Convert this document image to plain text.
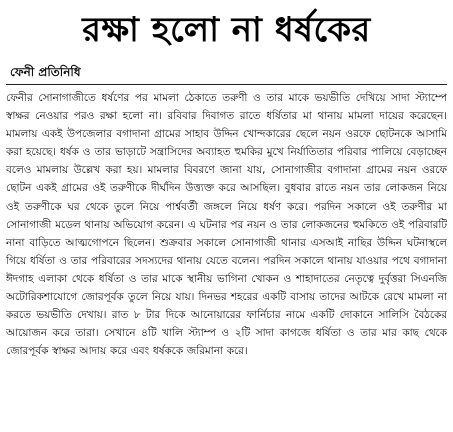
রক্ষা হলো না ধর্ষকের
ফেনী প্রতিনিধি

ফেনীর সোনাগাজীতে ধর্ষণের পর মামলা ঠেকাতে তরুণী ও তার মাকে ভয়ভীতি দেখিয়ে সাদা স্ট্যাম্পে স্বাক্ষর নেওয়ার পরও রক্ষা হলো না। রবিবার দিবাগত রাতে ধর্ষিতার মা থানায় মামলা দায়ের করেছেন। মামলায় একই উপজেলার বগাদানা গ্রামের সাহাব উদ্দিন খোন্দকারের ছেলে নয়ন ওরফে ছোটনকে আসামি করা হয়েছে। ধর্ষক ও তার ভাড়াটে সন্ত্রাসিদের অব্যাহত হুমকির মুখে নির্যাতিতার পরিবার পালিয়ে বেড়াচ্ছেন বলেও মামলায় উল্লেখ করা হয়। মামলার বিবরণে জানা যায়, সোনাগাজীর বগাদানা গ্রামের নয়ন ওরফে ছোটন একই গ্রামের ওই তরুণীকে দীর্ঘদিন উত্ত্যক্ত করে আসছিল। বুধবার রাতে নয়ন তার লোকজন নিয়ে ওই তরুণীকে ঘর থেকে তুলে নিয়ে পার্শ্ববর্তী জঙ্গলে নিয়ে ধর্ষণ করে। পরদিন সকালে ওই তরুণীর মা সোনাগাজী মডেল থানায় অভিযোগ করেন। এ ঘটনার পর নয়ন ও তার লোকজনের হুমকিতে ওই পরিবারটি নানা বাড়িতে আত্মগোপনে ছিলেন। শুক্রবার সকালে সোনাগাজী থানার এসআই নাছির উদ্দিন ঘটনাস্থলে গিয়ে ধর্ষিতা ও তার পরিবারের সদস্যদের থানায় যেতে বলেন। পরদিন সকালে থানায় যাওয়ার পথে বগাদানা ঈদগাহ এলাকা থেকে ধর্ষিতা ও তার মাকে স্থানীয় ভাগিনা খোকন ও শাহাদাতের নেতৃত্বে দুর্বৃত্তরা সিএনজি অটোরিকশাযোগে জোরপূর্বক তুলে নিয়ে যায়। দিনভর শহরের একটি বাসায় তাদের আটকে রেখে মামলা না করতে ভয়ভীতি দেখায়। রাত ৮ টার দিকে আনোয়ারের ফার্নিচার নামে একটি দোকানে সালিসি বৈঠকের আয়োজন করে তারা। সেখানে ৪টি খালি স্ট্যাম্প ও ২টি সাদা কাগজে ধর্ষিতা ও তার মার কাছ থেকে জোরপূর্বক স্বাক্ষর আদায় করে এবং ধর্ষককে জরিমানা করে।
